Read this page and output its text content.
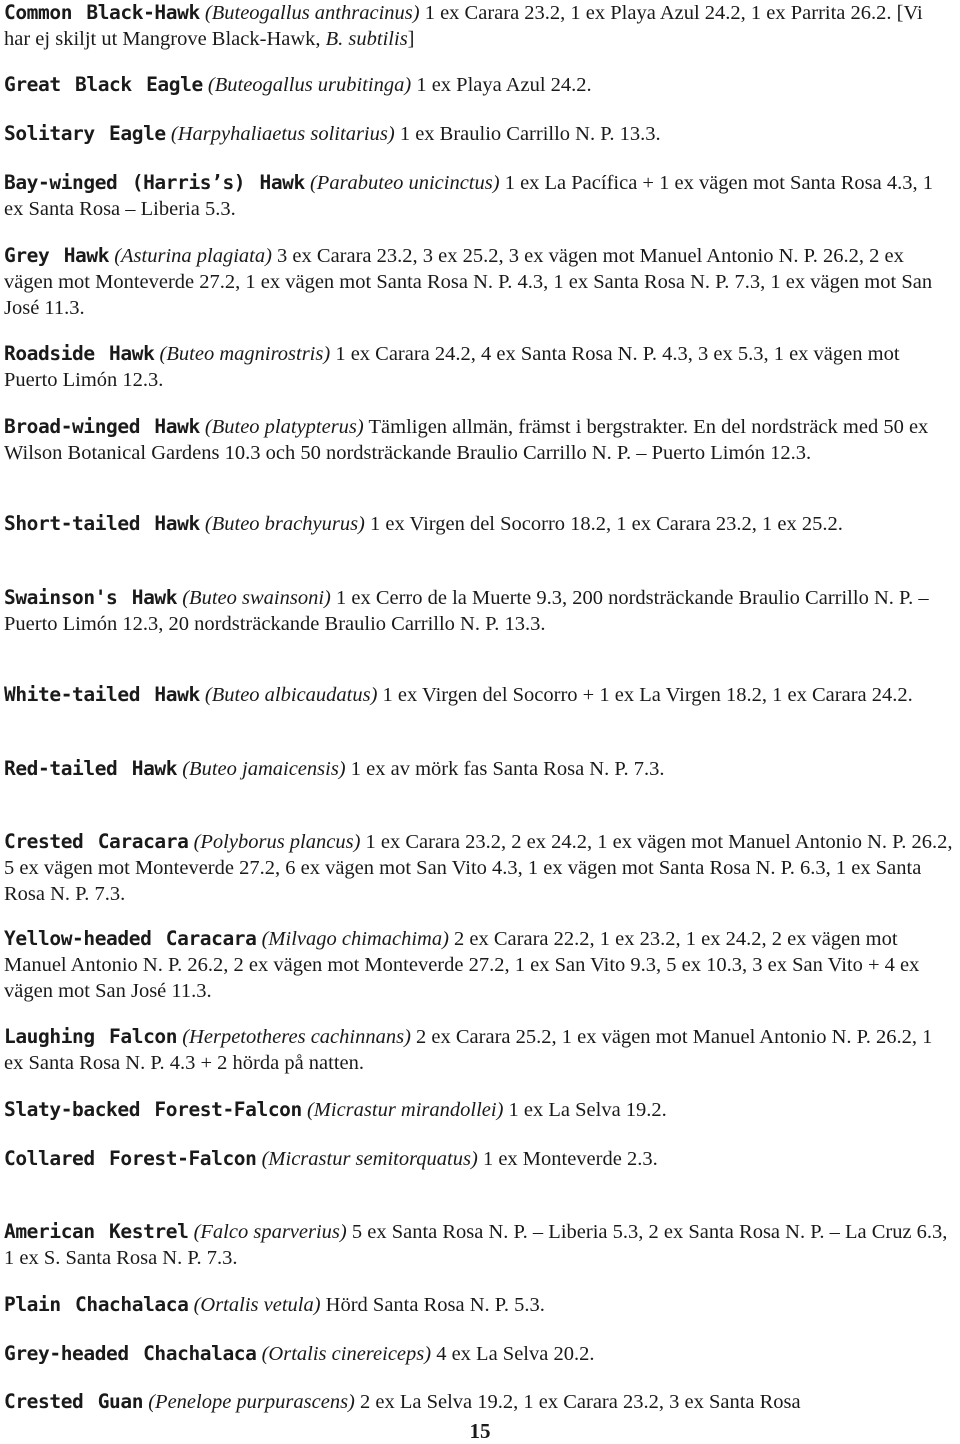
Common Black-Hawk (Buteogallus anthracinus) 1 ex Carara 23.2, 1 ex Playa Azul 24.2, 1 ex Parrita 26.2. [Vi har ej skiljt ut Mangrove Black-Hawk, B. subtilis]

Great Black Eagle (Buteogallus urubitinga) 1 ex Playa Azul 24.2.

Solitary Eagle (Harpyhaliaetus solitarius) 1 ex Braulio Carrillo N. P. 13.3.

Bay-winged (Harris’s) Hawk (Parabuteo unicinctus) 1 ex La Pacífica + 1 ex vägen mot Santa Rosa 4.3, 1 ex Santa Rosa – Liberia 5.3.

Grey Hawk (Asturina plagiata) 3 ex Carara 23.2, 3 ex 25.2, 3 ex vägen mot Manuel Antonio N. P. 26.2, 2 ex vägen mot Monteverde 27.2, 1 ex vägen mot Santa Rosa N. P. 4.3, 1 ex Santa Rosa N. P. 7.3, 1 ex vägen mot San José 11.3.

Roadside Hawk (Buteo magnirostris) 1 ex Carara 24.2, 4 ex Santa Rosa N. P. 4.3, 3 ex 5.3, 1 ex vägen mot Puerto Limón 12.3.

Broad-winged Hawk (Buteo platypterus) Tämligen allmän, främst i bergstrakter. En del nordsträck med 50 ex Wilson Botanical Gardens 10.3 och 50 nordsträckande Braulio Carrillo N. P. – Puerto Limón 12.3.

Short-tailed Hawk (Buteo brachyurus) 1 ex Virgen del Socorro 18.2, 1 ex Carara 23.2, 1 ex 25.2.

Swainson's Hawk (Buteo swainsoni) 1 ex Cerro de la Muerte 9.3, 200 nordsträckande Braulio Carrillo N. P. – Puerto Limón 12.3, 20 nordsträckande Braulio Carrillo N. P. 13.3.

White-tailed Hawk (Buteo albicaudatus) 1 ex Virgen del Socorro + 1 ex La Virgen 18.2, 1 ex Carara 24.2.

Red-tailed Hawk (Buteo jamaicensis) 1 ex av mörk fas Santa Rosa N. P. 7.3.

Crested Caracara (Polyborus plancus) 1 ex Carara 23.2, 2 ex 24.2, 1 ex vägen mot Manuel Antonio N. P. 26.2, 5 ex vägen mot Monteverde 27.2, 6 ex vägen mot San Vito 4.3, 1 ex vägen mot Santa Rosa N. P. 6.3, 1 ex Santa Rosa N. P. 7.3.

Yellow-headed Caracara (Milvago chimachima) 2 ex Carara 22.2, 1 ex 23.2, 1 ex 24.2, 2 ex vägen mot Manuel Antonio N. P. 26.2, 2 ex vägen mot Monteverde 27.2, 1 ex San Vito 9.3, 5 ex 10.3, 3 ex San Vito + 4 ex vägen mot San José 11.3.

Laughing Falcon (Herpetotheres cachinnans) 2 ex Carara 25.2, 1 ex vägen mot Manuel Antonio N. P. 26.2, 1 ex Santa Rosa N. P. 4.3 + 2 hörda på natten.

Slaty-backed Forest-Falcon (Micrastur mirandollei) 1 ex La Selva 19.2.

Collared Forest-Falcon (Micrastur semitorquatus) 1 ex Monteverde 2.3.

American Kestrel (Falco sparverius) 5 ex Santa Rosa N. P. – Liberia 5.3, 2 ex Santa Rosa N. P. – La Cruz 6.3, 1 ex S. Santa Rosa N. P. 7.3.

Plain Chachalaca (Ortalis vetula) Hörd Santa Rosa N. P. 5.3.

Grey-headed Chachalaca (Ortalis cinereiceps) 4 ex La Selva 20.2.

Crested Guan (Penelope purpurascens) 2 ex La Selva 19.2, 1 ex Carara 23.2, 3 ex Santa Rosa

15
